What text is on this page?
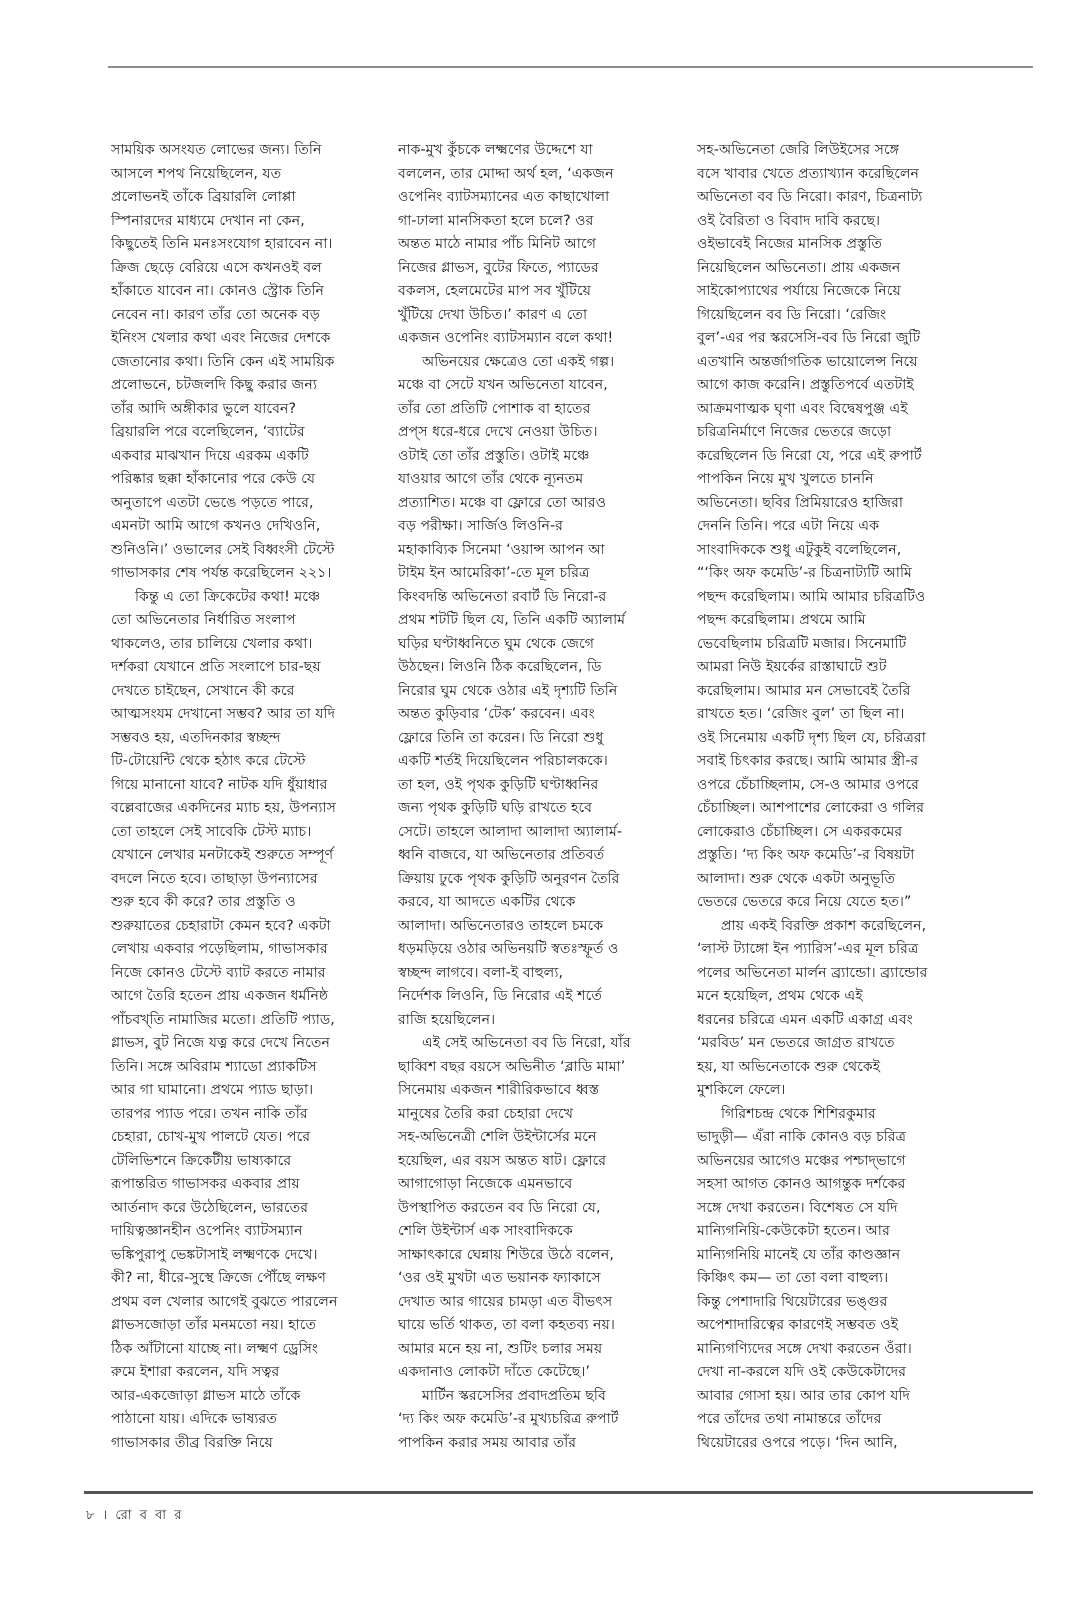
সাময়িক অসংযত লোভের জন্য। তিনি
আসলে শপথ নিয়েছিলেন, যত
প্রলোভনই তাঁকে ব্রিয়ারলি লোপ্পা
স্পিনারদের মাধ্যমে দেখান না কেন,
কিছুতেই তিনি মনঃসংযোগ হারাবেন না।
ক্রিজ ছেড়ে বেরিয়ে এসে কখনওই বল
হাঁকাতে যাবেন না। কোনও স্ট্রোক তিনি
নেবেন না। কারণ তাঁর তো অনেক বড়
ইনিংস খেলার কথা এবং নিজের দেশকে
জেতানোর কথা। তিনি কেন এই সাময়িক
প্রলোভনে, চটজলদি কিছু করার জন্য
তাঁর আদি অঙ্গীকার ভুলে যাবেন?
ব্রিয়ারলি পরে বলেছিলেন, ‘ব্যাটের
একবার মাঝখান দিয়ে এরকম একটি
পরিষ্কার ছক্কা হাঁকানোর পরে কেউ যে
অনুতাপে এতটা ভেঙে পড়তে পারে,
এমনটা আমি আগে কখনও দেখিওনি,
শুনিওনি।’ ওভালের সেই বিধ্বংসী টেস্টে
গাভাসকার শেষ পর্যন্ত করেছিলেন ২২১।
কিন্তু এ তো ক্রিকেটের কথা! মঞ্চে
তো অভিনেতার নির্ধারিত সংলাপ
থাকলেও, তার চালিয়ে খেলার কথা।
দর্শকরা যেখানে প্রতি সংলাপে চার-ছয়
দেখতে চাইছেন, সেখানে কী করে
আত্মসংযম দেখানো সম্ভব? আর তা যদি
সম্ভবও হয়, এতদিনকার স্বচ্ছন্দ
টি-টোয়েন্টি থেকে হঠাৎ করে টেস্টে
গিয়ে মানানো যাবে? নাটক যদি ধুঁয়াধার
বল্লেবাজের একদিনের ম্যাচ হয়, উপন্যাস
তো তাহলে সেই সাবেকি টেস্ট ম্যাচ।
যেখানে লেখার মনটাকেই শুরুতে সম্পূর্ণ
বদলে নিতে হবে। তাছাড়া উপন্যাসের
শুরু হবে কী করে? তার প্রস্তুতি ও
শুরুয়াতের চেহারাটা কেমন হবে? একটা
লেখায় একবার পড়েছিলাম, গাভাসকার
নিজে কোনও টেস্টে ব্যাট করতে নামার
আগে তৈরি হতেন প্রায় একজন ধর্মনিষ্ঠ
পাঁচবখ্‌তি নামাজির মতো। প্রতিটি প্যাড,
গ্লাভস, বুট নিজে যত্ন করে দেখে নিতেন
তিনি। সঙ্গে অবিরাম শ্যাডো প্র্যাকটিস
আর গা ঘামানো। প্রথমে প্যাড ছাড়া।
তারপর প্যাড পরে। তখন নাকি তাঁর
চেহারা, চোখ-মুখ পালটে যেত। পরে
টেলিভিশনে ক্রিকেটীয় ভাষ্যকারে
রূপান্তরিত গাভাসকর একবার প্রায়
আর্তনাদ করে উঠেছিলেন, ভারতের
দায়িত্বজ্ঞানহীন ওপেনিং ব্যাটসম্যান
ভঙ্কিপুরাপু ভেঙ্কটাসাই লক্ষ্মণকে দেখে।
কী? না, ধীরে-সুস্থে ক্রিজে পৌঁছে লক্ষণ
প্রথম বল খেলার আগেই বুঝতে পারলেন
গ্লাভসজোড়া তাঁর মনমতো নয়। হাতে
ঠিক আঁটানো যাচ্ছে না। লক্ষ্মণ ড্রেসিং
রুমে ইশারা করলেন, যদি সত্বর
আর-একজোড়া গ্লাভস মাঠে তাঁকে
পাঠানো যায়। এদিকে ভাষ্যরত
গাভাসকার তীব্র বিরক্তি নিয়ে
নাক-মুখ কুঁচকে লক্ষ্মণের উদ্দেশে যা
বললেন, তার মোদ্দা অর্থ হল, ‘একজন
ওপেনিং ব্যাটসম্যানের এত কাছাখোলা
গা-ঢালা মানসিকতা হলে চলে? ওর
অন্তত মাঠে নামার পাঁচ মিনিট আগে
নিজের গ্লাভস, বুটের ফিতে, প্যাডের
বকলস, হেলমেটের মাপ সব খুঁটিয়ে
খুঁটিয়ে দেখা উচিত।’ কারণ এ তো
একজন ওপেনিং ব্যাটসম্যান বলে কথা!
অভিনয়ের ক্ষেত্রেও তো একই গল্প।
মঞ্চে বা সেটে যখন অভিনেতা যাবেন,
তাঁর তো প্রতিটি পোশাক বা হাতের
প্রপ্‌স ধরে-ধরে দেখে নেওয়া উচিত।
ওটাই তো তাঁর প্রস্তুতি। ওটাই মঞ্চে
যাওয়ার আগে তাঁর থেকে ন্যূনতম
প্রত্যাশিত। মঞ্চে বা ফ্লোরে তো আরও
বড় পরীক্ষা। সার্জিও লিওনি-র
মহাকাব্যিক সিনেমা ‘ওয়ান্স আপন আ
টাইম ইন আমেরিকা’-তে মূল চরিত্র
কিংবদন্তি অভিনেতা রবার্ট ডি নিরো-র
প্রথম শটটি ছিল যে, তিনি একটি অ্যালার্ম
ঘড়ির ঘণ্টাধ্বনিতে ঘুম থেকে জেগে
উঠছেন। লিওনি ঠিক করেছিলেন, ডি
নিরোর ঘুম থেকে ওঠার এই দৃশ্যটি তিনি
অন্তত কুড়িবার ‘টেক’ করবেন। এবং
ফ্লোরে তিনি তা করেন। ডি নিরো শুধু
একটি শর্তই দিয়েছিলেন পরিচালককে।
তা হল, ওই পৃথক কুড়িটি ঘণ্টাধ্বনির
জন্য পৃথক কুড়িটি ঘড়ি রাখতে হবে
সেটে। তাহলে আলাদা আলাদা অ্যালার্ম-
ধ্বনি বাজবে, যা অভিনেতার প্রতিবর্ত
ক্রিয়ায় ঢুকে পৃথক কুড়িটি অনুরণন তৈরি
করবে, যা আদতে একটির থেকে
আলাদা। অভিনেতারও তাহলে চমকে
ধড়মড়িয়ে ওঠার অভিনয়টি স্বতঃস্ফূর্ত ও
স্বচ্ছন্দ লাগবে। বলা-ই বাহুল্য,
নির্দেশক লিওনি, ডি নিরোর এই শর্তে
রাজি হয়েছিলেন।
এই সেই অভিনেতা বব ডি নিরো, যাঁর
ছাব্বিশ বছর বয়সে অভিনীত ‘ব্লাডি মামা’
সিনেমায় একজন শারীরিকভাবে ধ্বস্ত
মানুষের তৈরি করা চেহারা দেখে
সহ-অভিনেত্রী শেলি উইন্টার্সের মনে
হয়েছিল, এর বয়স অন্তত ষাট। ফ্লোরে
আগাগোড়া নিজেকে এমনভাবে
উপস্থাপিত করতেন বব ডি নিরো যে,
শেলি উইন্টার্স এক সাংবাদিককে
সাক্ষাৎকারে ঘেন্নায় শিউরে উঠে বলেন,
‘ওর ওই মুখটা এত ভয়ানক ফ্যাকাসে
দেখাত আর গায়ের চামড়া এত বীভৎস
ঘায়ে ভর্তি থাকত, তা বলা কহতব্য নয়।
আমার মনে হয় না, শুটিং চলার সময়
একদানাও লোকটা দাঁতে কেটেছে।’
মার্টিন স্করসেসির প্রবাদপ্রতিম ছবি
‘দ্য কিং অফ কমেডি’-র মুখ্যচরিত্র রুপার্ট
পাপকিন করার সময় আবার তাঁর
সহ-অভিনেতা জেরি লিউইসের সঙ্গে
বসে খাবার খেতে প্রত্যাখ্যান করেছিলেন
অভিনেতা বব ডি নিরো। কারণ, চিত্রনাট্য
ওই বৈরিতা ও বিবাদ দাবি করছে।
ওইভাবেই নিজের মানসিক প্রস্তুতি
নিয়েছিলেন অভিনেতা। প্রায় একজন
সাইকোপ্যাথের পর্যায়ে নিজেকে নিয়ে
গিয়েছিলেন বব ডি নিরো। ‘রেজিং
বুল’-এর পর স্করসেসি-বব ডি নিরো জুটি
এতখানি অন্তর্জাগতিক ভায়োলেন্স নিয়ে
আগে কাজ করেনি। প্রস্তুতিপর্বে এতটাই
আক্রমণাত্মক ঘৃণা এবং বিদ্বেষপুঞ্জ এই
চরিত্রনির্মাণে নিজের ভেতরে জড়ো
করেছিলেন ডি নিরো যে, পরে এই রুপার্ট
পাপকিন নিয়ে মুখ খুলতে চাননি
অভিনেতা। ছবির প্রিমিয়ারেও হাজিরা
দেননি তিনি। পরে এটা নিয়ে এক
সাংবাদিককে শুধু এটুকুই বলেছিলেন,
“‘কিং অফ কমেডি’-র চিত্রনাট্যটি আমি
পছন্দ করেছিলাম। আমি আমার চরিত্রটিও
পছন্দ করেছিলাম। প্রথমে আমি
ভেবেছিলাম চরিত্রটি মজার। সিনেমাটি
আমরা নিউ ইয়র্কের রাস্তাঘাটে শুট
করেছিলাম। আমার মন সেভাবেই তৈরি
রাখতে হত। ‘রেজিং বুল’ তা ছিল না।
ওই সিনেমায় একটি দৃশ্য ছিল যে, চরিত্ররা
সবাই চিৎকার করছে। আমি আমার স্ত্রী-র
ওপরে চেঁচাচ্ছিলাম, সে-ও আমার ওপরে
চেঁচাচ্ছিল। আশপাশের লোকেরা ও গলির
লোকেরাও চেঁচাচ্ছিল। সে একরকমের
প্রস্তুতি। ‘দ্য কিং অফ কমেডি’-র বিষয়টা
আলাদা। শুরু থেকে একটা অনুভূতি
ভেতরে ভেতরে করে নিয়ে যেতে হত।”
প্রায় একই বিরক্তি প্রকাশ করেছিলেন,
‘লাস্ট ট্যাঙ্গো ইন প্যারিস’-এর মূল চরিত্র
পলের অভিনেতা মার্লন ব্র্যান্ডো। ব্র্যান্ডোর
মনে হয়েছিল, প্রথম থেকে এই
ধরনের চরিত্রে এমন একটি একাগ্র এবং
‘মরবিড’ মন ভেতরে জাগ্রত রাখতে
হয়, যা অভিনেতাকে শুরু থেকেই
মুশকিলে ফেলে।
গিরিশচন্দ্র থেকে শিশিরকুমার
ভাদুড়ী— এঁরা নাকি কোনও বড় চরিত্র
অভিনয়ের আগেও মঞ্চের পশ্চাদ্‌ভাগে
সহসা আগত কোনও আগন্তুক দর্শকের
সঙ্গে দেখা করতেন। বিশেষত সে যদি
মান্যিগনিয়ি-কেউকেটা হতেন। আর
মান্যিগনিয়ি মানেই যে তাঁর কাণ্ডজ্ঞান
কিঞ্চিৎ কম— তা তো বলা বাহুল্য।
কিন্তু পেশাদারি থিয়েটারের ভঙ্গুর
অপেশাদারিত্বের কারণেই সম্ভবত ওই
মান্যিগণ্যিদের সঙ্গে দেখা করতেন ওঁরা।
দেখা না-করলে যদি ওই কেউকেটাদের
আবার গোসা হয়। আর তার কোপ যদি
পরে তাঁদের তথা নামান্তরে তাঁদের
থিয়েটারের ওপরে পড়ে। ‘দিন আনি,
৮ । রো ব বা র
